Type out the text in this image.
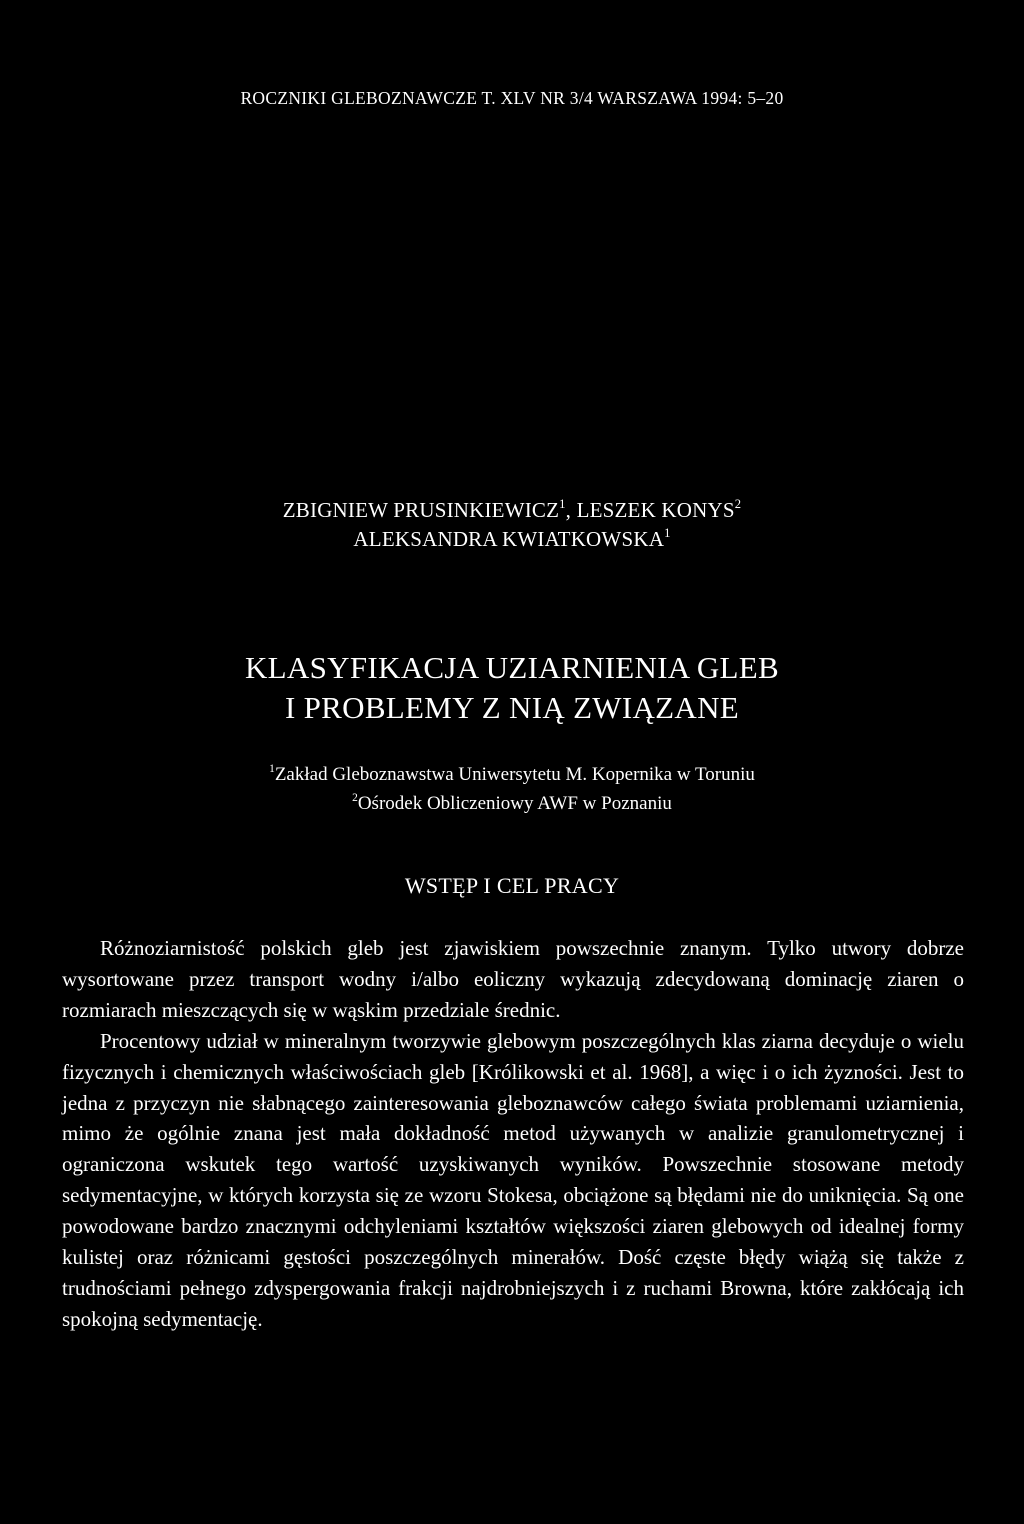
ROCZNIKI GLEBOZNAWCZE T. XLV NR 3/4 WARSZAWA 1994: 5–20
ZBIGNIEW PRUSINKIEWICZ$^1$, LESZEK KONYS$^2$
ALEKSANDRA KWIATKOWSKA$^1$
KLASYFIKACJA UZIARNIENIA GLEB
I PROBLEMY Z NIĄ ZWIĄZANE
$^1$Zakład Gleboznawstwa Uniwersytetu M. Kopernika w Toruniu
$^2$Ośrodek Obliczeniowy AWF w Poznaniu
WSTĘP I CEL PRACY

Różnoziarnistość polskich gleb jest zjawiskiem powszechnie znanym. Tylko utwory dobrze wysortowane przez transport wodny i/albo eoliczny wykazują zdecydowaną dominację ziaren o rozmiarach mieszczących się w wąskim przedziale średnic.

Procentowy udział w mineralnym tworzywie glebowym poszczególnych klas ziarna decyduje o wielu fizycznych i chemicznych właściwościach gleb [Królikowski et al. 1968], a więc i o ich żyzności. Jest to jedna z przyczyn nie słabnącego zainteresowania gleboznawców całego świata problemami uziarnienia, mimo że ogólnie znana jest mała dokładność metod używanych w analizie granulometrycznej i ograniczona wskutek tego wartość uzyskiwanych wyników. Powszechnie stosowane metody sedymentacyjne, w których korzysta się ze wzoru Stokesa, obciążone są błędami nie do uniknięcia. Są one powodowane bardzo znacznymi odchyleniami kształtów większości ziaren glebowych od idealnej formy kulistej oraz różnicami gęstości poszczególnych minerałów. Dość częste błędy wiążą się także z trudnościami pełnego zdyspergowania frakcji najdrobniejszych i z ruchami Browna, które zakłócają ich spokojną sedymentację.
